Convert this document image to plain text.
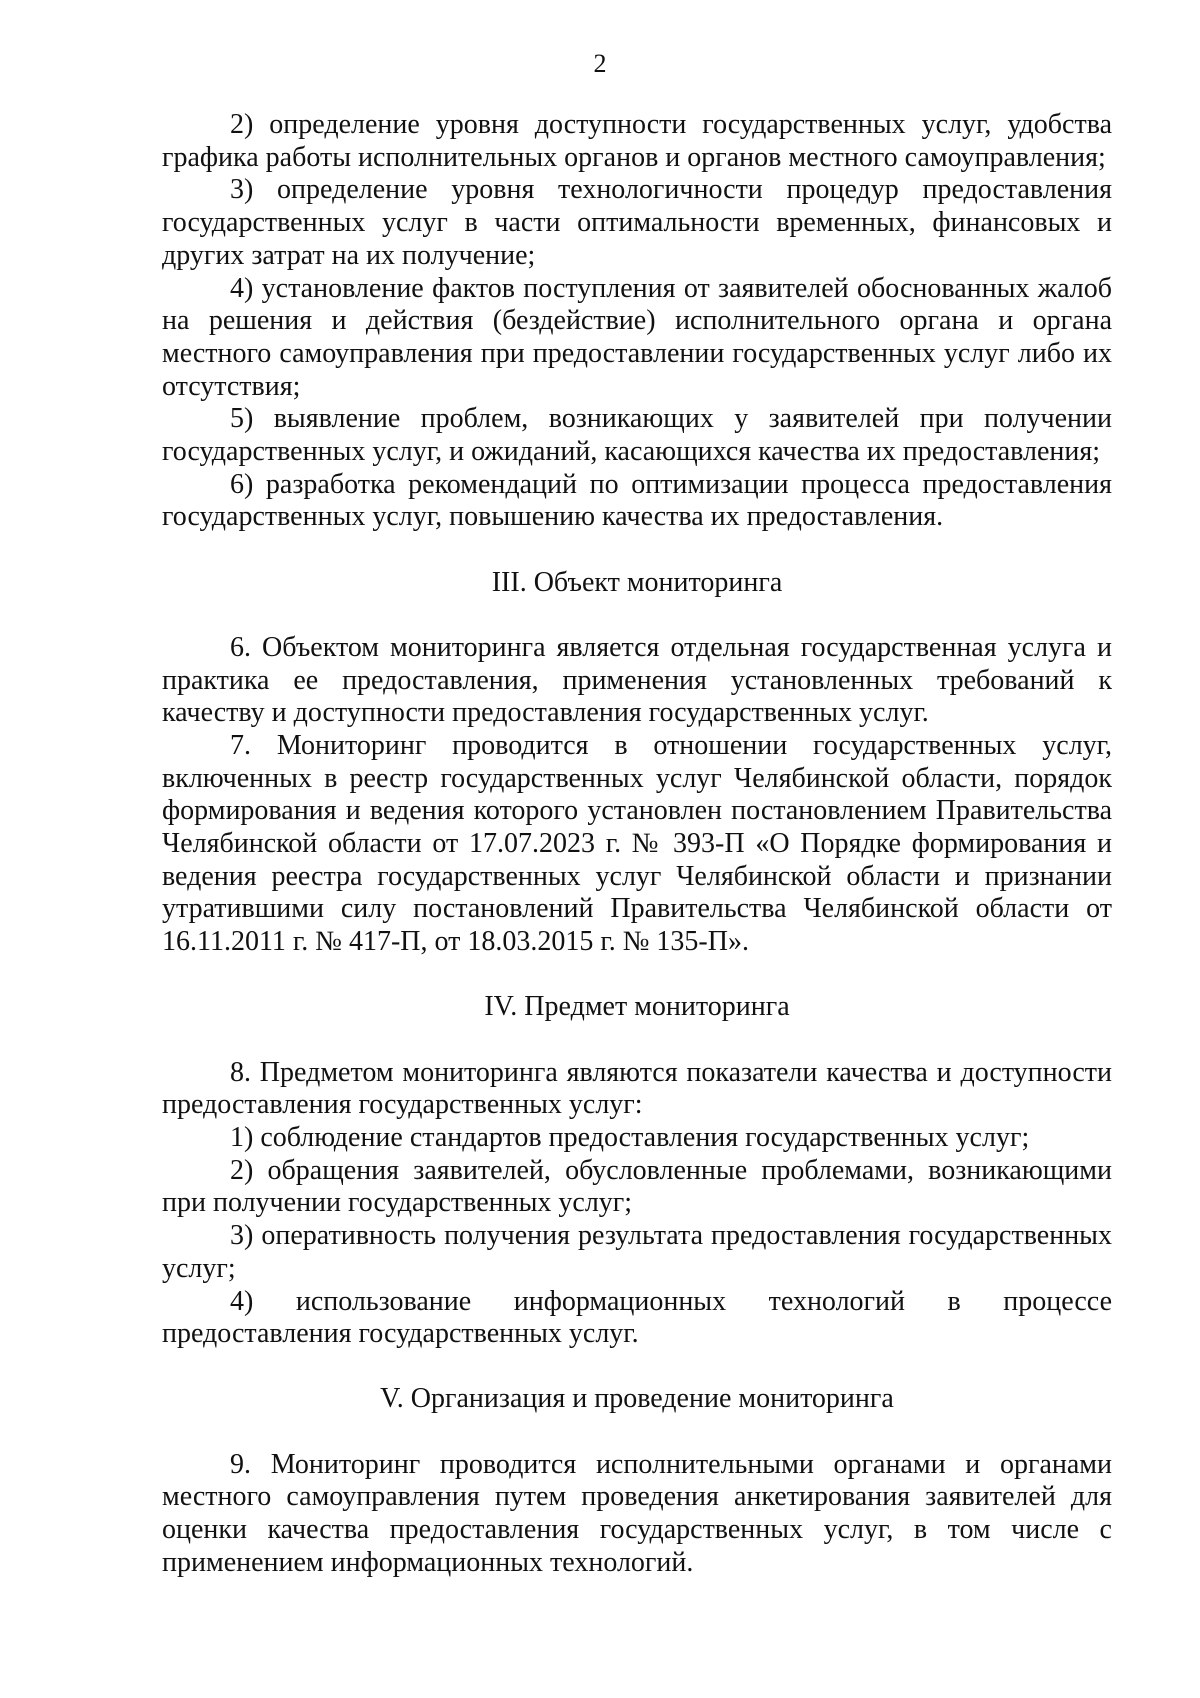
2

2) определение уровня доступности государственных услуг, удобства графика работы исполнительных органов и органов местного самоуправления;

3) определение уровня технологичности процедур предоставления государственных услуг в части оптимальности временных, финансовых и других затрат на их получение;

4) установление фактов поступления от заявителей обоснованных жалоб на решения и действия (бездействие) исполнительного органа и органа местного самоуправления при предоставлении государственных услуг либо их отсутствия;

5) выявление проблем, возникающих у заявителей при получении государственных услуг, и ожиданий, касающихся качества их предоставления;

6) разработка рекомендаций по оптимизации процесса предоставления государственных услуг, повышению качества их предоставления.

III. Объект мониторинга

6. Объектом мониторинга является отдельная государственная услуга и практика ее предоставления, применения установленных требований к качеству и доступности предоставления государственных услуг.

7. Мониторинг проводится в отношении государственных услуг, включенных в реестр государственных услуг Челябинской области, порядок формирования и ведения которого установлен постановлением Правительства Челябинской области от 17.07.2023 г. № 393-П «О Порядке формирования и ведения реестра государственных услуг Челябинской области и признании утратившими силу постановлений Правительства Челябинской области от 16.11.2011 г. № 417-П, от 18.03.2015 г. № 135-П».

IV. Предмет мониторинга

8. Предметом мониторинга являются показатели качества и доступности предоставления государственных услуг:

1) соблюдение стандартов предоставления государственных услуг;

2) обращения заявителей, обусловленные проблемами, возникающими при получении государственных услуг;

3) оперативность получения результата предоставления государственных услуг;

4) использование информационных технологий в процессе предоставления государственных услуг.

V. Организация и проведение мониторинга

9. Мониторинг проводится исполнительными органами и органами местного самоуправления путем проведения анкетирования заявителей для оценки качества предоставления государственных услуг, в том числе с применением информационных технологий.
